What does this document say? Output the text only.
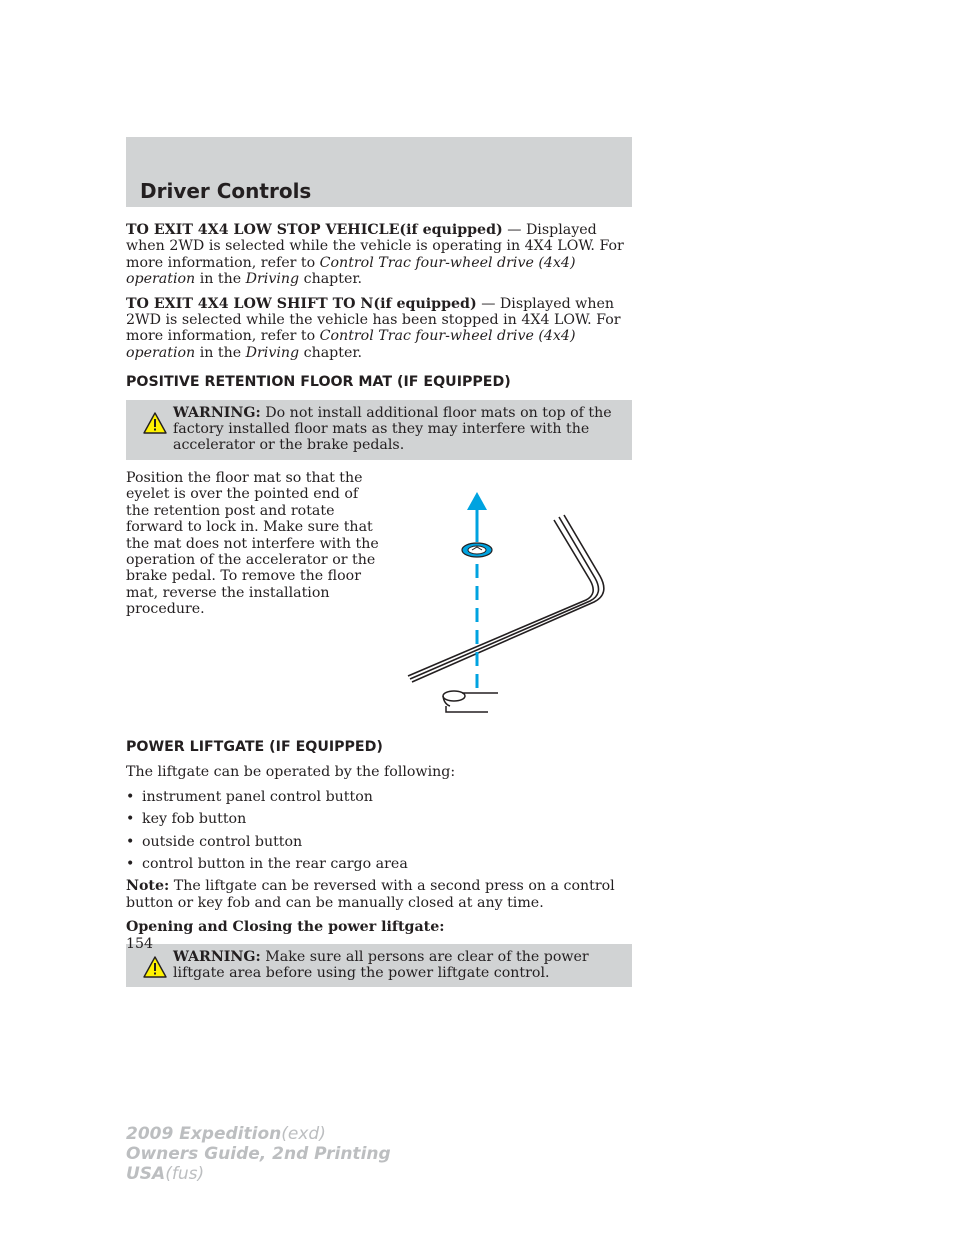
Driver Controls

TO EXIT 4X4 LOW STOP VEHICLE(if equipped) — Displayed when 2WD is selected while the vehicle is operating in 4X4 LOW. For more information, refer to Control Trac four-wheel drive (4x4) operation in the Driving chapter.

TO EXIT 4X4 LOW SHIFT TO N(if equipped) — Displayed when 2WD is selected while the vehicle has been stopped in 4X4 LOW. For more information, refer to Control Trac four-wheel drive (4x4) operation in the Driving chapter.

POSITIVE RETENTION FLOOR MAT (IF EQUIPPED)
WARNING: Do not install additional floor mats on top of the factory installed floor mats as they may interfere with the accelerator or the brake pedals.

Position the floor mat so that the eyelet is over the pointed end of the retention post and rotate forward to lock in. Make sure that the mat does not interfere with the operation of the accelerator or the brake pedal. To remove the floor mat, reverse the installation procedure.

POWER LIFTGATE (IF EQUIPPED)

The liftgate can be operated by the following:

• instrument panel control button
• key fob button
• outside control button
• control button in the rear cargo area

Note: The liftgate can be reversed with a second press on a control button or key fob and can be manually closed at any time.

Opening and Closing the power liftgate:

WARNING: Make sure all persons are clear of the power liftgate area before using the power liftgate control.
154
2009 Expedition(exd)
Owners Guide, 2nd Printing
USA(fus)
